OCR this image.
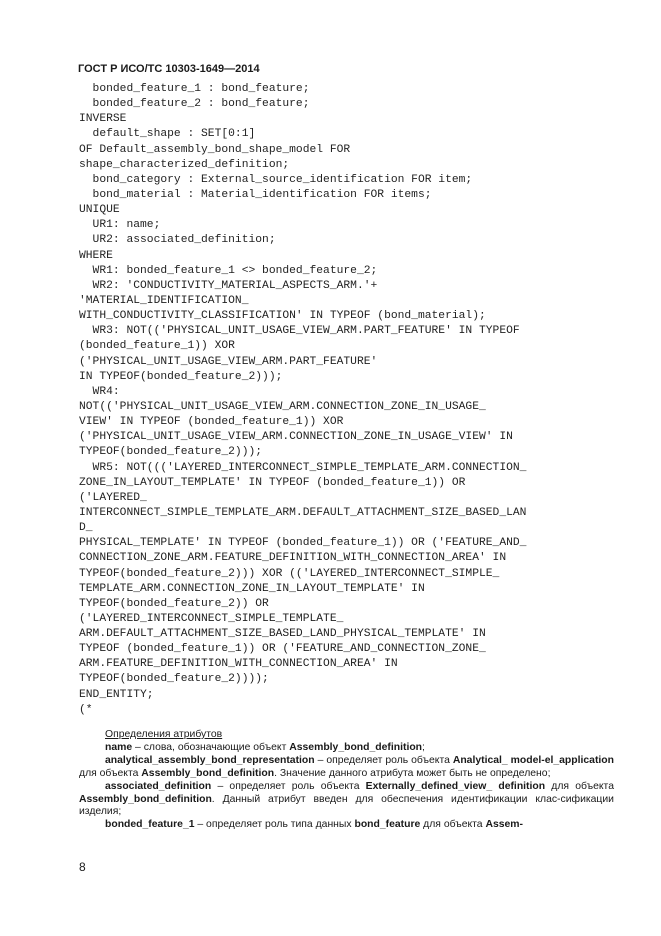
ГОСТ Р ИСО/ТС 10303-1649—2014
bonded_feature_1 : bond_feature;
bonded_feature_2 : bond_feature;
INVERSE
default_shape : SET[0:1]
OF Default_assembly_bond_shape_model FOR
shape_characterized_definition;
bond_category : External_source_identification FOR item;
bond_material : Material_identification FOR items;
UNIQUE
UR1: name;
UR2: associated_definition;
WHERE
WR1: bonded_feature_1 <> bonded_feature_2;
WR2: 'CONDUCTIVITY_MATERIAL_ASPECTS_ARM.'+
'MATERIAL_IDENTIFICATION_
WITH_CONDUCTIVITY_CLASSIFICATION' IN TYPEOF (bond_material);
WR3: NOT(('PHYSICAL_UNIT_USAGE_VIEW_ARM.PART_FEATURE' IN TYPEOF
(bonded_feature_1)) XOR
('PHYSICAL_UNIT_USAGE_VIEW_ARM.PART_FEATURE'
IN TYPEOF(bonded_feature_2)));
WR4:
NOT(('PHYSICAL_UNIT_USAGE_VIEW_ARM.CONNECTION_ZONE_IN_USAGE_
VIEW' IN TYPEOF (bonded_feature_1)) XOR
('PHYSICAL_UNIT_USAGE_VIEW_ARM.CONNECTION_ZONE_IN_USAGE_VIEW' IN
TYPEOF(bonded_feature_2)));
WR5: NOT((('LAYERED_INTERCONNECT_SIMPLE_TEMPLATE_ARM.CONNECTION_
ZONE_IN_LAYOUT_TEMPLATE' IN TYPEOF (bonded_feature_1)) OR
('LAYERED_
INTERCONNECT_SIMPLE_TEMPLATE_ARM.DEFAULT_ATTACHMENT_SIZE_BASED_LAN
D_
PHYSICAL_TEMPLATE' IN TYPEOF (bonded_feature_1)) OR ('FEATURE_AND_
CONNECTION_ZONE_ARM.FEATURE_DEFINITION_WITH_CONNECTION_AREA' IN
TYPEOF(bonded_feature_2))) XOR (('LAYERED_INTERCONNECT_SIMPLE_
TEMPLATE_ARM.CONNECTION_ZONE_IN_LAYOUT_TEMPLATE' IN
TYPEOF(bonded_feature_2)) OR
('LAYERED_INTERCONNECT_SIMPLE_TEMPLATE_
ARM.DEFAULT_ATTACHMENT_SIZE_BASED_LAND_PHYSICAL_TEMPLATE' IN
TYPEOF (bonded_feature_1)) OR ('FEATURE_AND_CONNECTION_ZONE_
ARM.FEATURE_DEFINITION_WITH_CONNECTION_AREA' IN
TYPEOF(bonded_feature_2))));
END_ENTITY;
(*

Определения атрибутов

name – слова, обозначающие объект Assembly_bond_definition;

analytical_assembly_bond_representation – определяет роль объекта Analytical_ model-el_application для объекта Assembly_bond_definition. Значение данного атрибута может быть не определено;

associated_definition – определяет роль объекта Externally_defined_view_ definition для объекта Assembly_bond_definition. Данный атрибут введен для обеспечения идентификации клас-сификации изделия;

bonded_feature_1 – определяет роль типа данных bond_feature для объекта Assem-

8
